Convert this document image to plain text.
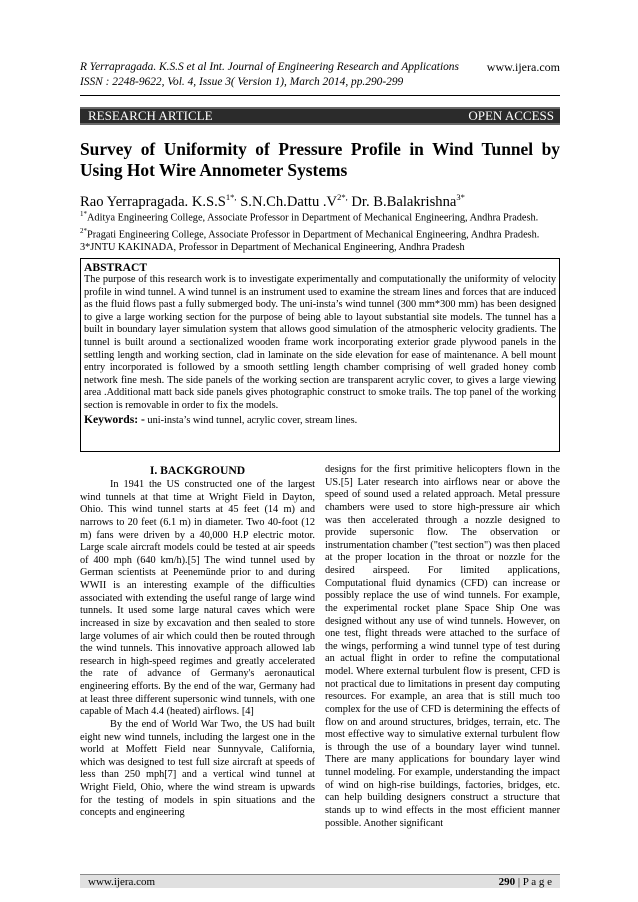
R Yerrapragada. K.S.S et al Int. Journal of Engineering Research and Applications www.ijera.com
ISSN : 2248-9622, Vol. 4, Issue 3( Version 1), March 2014, pp.290-299
RESEARCH ARTICLE	OPEN ACCESS
Survey of Uniformity of Pressure Profile in Wind Tunnel by Using Hot Wire Annometer Systems
Rao Yerrapragada. $K.S.S^{1*,}$ S.N.Ch.Dattu $.V^{2*,}$ Dr. B.Balakrishna$^{3*}$
$^{1*}$Aditya Engineering College, Associate Professor in Department of Mechanical Engineering, Andhra Pradesh.
$^{2*}$Pragati Engineering College, Associate Professor in Department of Mechanical Engineering, Andhra Pradesh.
3*JNTU KAKINADA, Professor in Department of Mechanical Engineering, Andhra Pradesh
ABSTRACT

The purpose of this research work is to investigate experimentally and computationally the uniformity of velocity profile in wind tunnel. A wind tunnel is an instrument used to examine the stream lines and forces that are induced as the fluid flows past a fully submerged body. The uni-insta’s wind tunnel (300 mm*300 mm) has been designed to give a large working section for the purpose of being able to layout substantial site models. The tunnel has a built in boundary layer simulation system that allows good simulation of the atmospheric velocity gradients. The tunnel is built around a sectionalized wooden frame work incorporating exterior grade plywood panels in the settling length and working section, clad in laminate on the side elevation for ease of maintenance. A bell mount entry incorporated is followed by a smooth settling length chamber comprising of well graded honey comb network fine mesh. The side panels of the working section are transparent acrylic cover, to gives a large viewing area .Additional matt back side panels gives photographic construct to smoke trails. The top panel of the working section is removable in order to fix the models.

Keywords: - uni-insta’s wind tunnel, acrylic cover, stream lines.

I. BACKGROUND

In 1941 the US constructed one of the largest wind tunnels at that time at Wright Field in Dayton, Ohio. This wind tunnel starts at 45 feet (14 m) and narrows to 20 feet (6.1 m) in diameter. Two 40-foot (12 m) fans were driven by a 40,000 H.P electric motor. Large scale aircraft models could be tested at air speeds of 400 mph (640 km/h).[5] The wind tunnel used by German scientists at Peenemünde prior to and during WWII is an interesting example of the difficulties associated with extending the useful range of large wind tunnels. It used some large natural caves which were increased in size by excavation and then sealed to store large volumes of air which could then be routed through the wind tunnels. This innovative approach allowed lab research in high-speed regimes and greatly accelerated the rate of advance of Germany's aeronautical engineering efforts. By the end of the war, Germany had at least three different supersonic wind tunnels, with one capable of Mach 4.4 (heated) airflows. [4]

By the end of World War Two, the US had built eight new wind tunnels, including the largest one in the world at Moffett Field near Sunnyvale, California, which was designed to test full size aircraft at speeds of less than 250 mph[7] and a vertical wind tunnel at Wright Field, Ohio, where the wind stream is upwards for the testing of models in spin situations and the concepts and engineering

designs for the first primitive helicopters flown in the US.[5] Later research into airflows near or above the speed of sound used a related approach. Metal pressure chambers were used to store high-pressure air which was then accelerated through a nozzle designed to provide supersonic flow. The observation or instrumentation chamber ("test section") was then placed at the proper location in the throat or nozzle for the desired airspeed. For limited applications, Computational fluid dynamics (CFD) can increase or possibly replace the use of wind tunnels. For example, the experimental rocket plane Space Ship One was designed without any use of wind tunnels. However, on one test, flight threads were attached to the surface of the wings, performing a wind tunnel type of test during an actual flight in order to refine the computational model. Where external turbulent flow is present, CFD is not practical due to limitations in present day computing resources. For example, an area that is still much too complex for the use of CFD is determining the effects of flow on and around structures, bridges, terrain, etc. The most effective way to simulative external turbulent flow is through the use of a boundary layer wind tunnel. There are many applications for boundary layer wind tunnel modeling. For example, understanding the impact of wind on high-rise buildings, factories, bridges, etc. can help building designers construct a structure that stands up to wind effects in the most efficient manner possible. Another significant

www.ijera.com	290 | P a g e
